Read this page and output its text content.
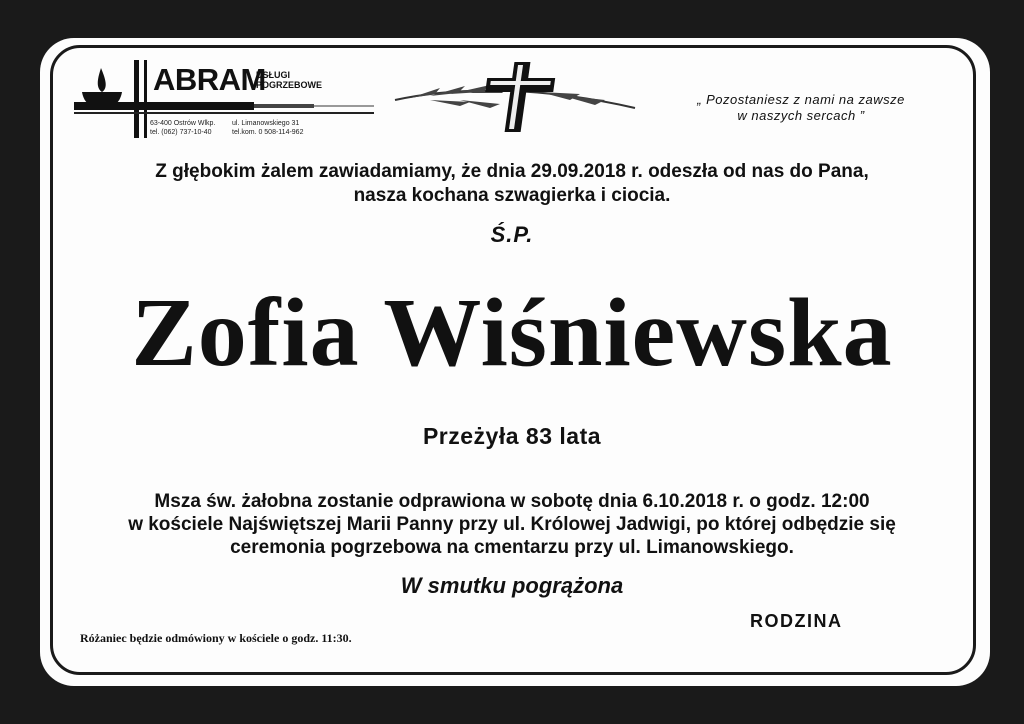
ABRAM
USŁUGI
POGRZEBOWE
63-400 Ostrów Wlkp.
tel. (062) 737-10-40
ul. Limanowskiego 31
tel.kom. 0 508-114-962
„ Pozostaniesz z nami na zawsze
w naszych sercach ”
Z głębokim żalem zawiadamiamy, że dnia 29.09.2018 r. odeszła od nas do Pana,
nasza kochana szwagierka i ciocia.
Ś.P.
Zofia Wiśniewska
Przeżyła 83 lata
Msza św. żałobna zostanie odprawiona w sobotę dnia 6.10.2018 r. o godz. 12:00
w kościele Najświętszej Marii Panny przy ul. Królowej Jadwigi, po której odbędzie się
ceremonia pogrzebowa na cmentarzu przy ul. Limanowskiego.
W smutku pogrążona
RODZINA
Różaniec będzie odmówiony w kościele o godz. 11:30.
